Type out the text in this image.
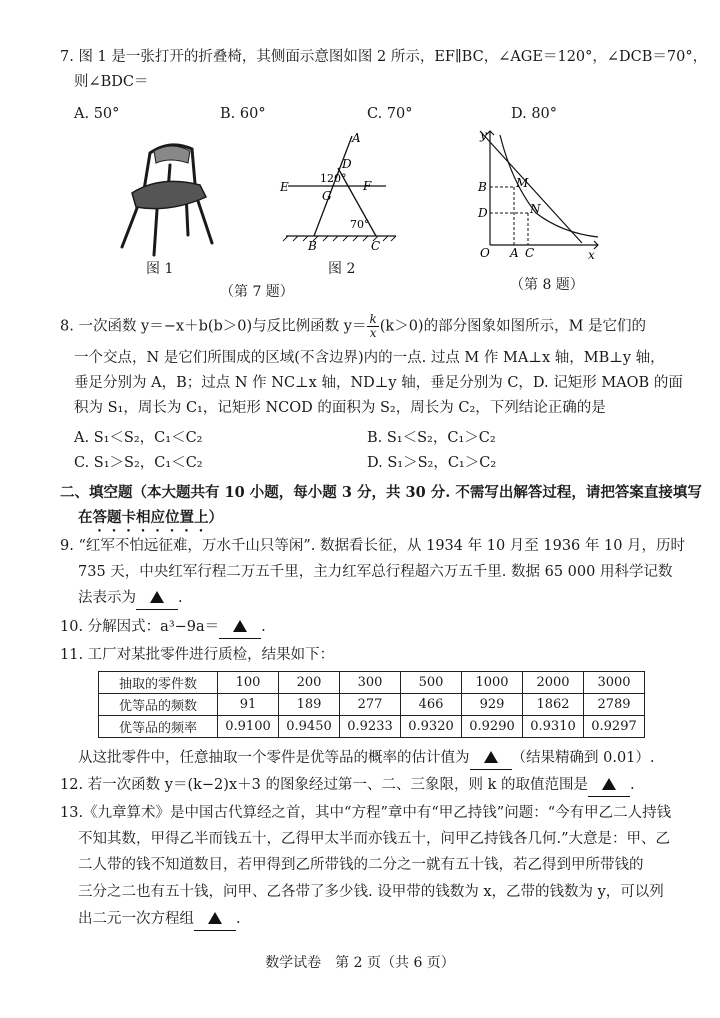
7. 图 1 是一张打开的折叠椅，其侧面示意图如图 2 所示，EF∥BC，∠AGE＝120°，∠DCB＝70°，
则∠BDC＝
A. 50°	B. 60°	C. 70°	D. 80°
图 1
A
D
E	F
G
B	C
120°
70°
图 2
（第 7 题）
y
x
O A C
B
D
M
N
（第 8 题）
8. 一次函数 y＝−x＋b(b＞0)与反比例函数 $y= \frac{k}{x} (k>0)$的部分图象如图所示，M 是它们的
一个交点，N 是它们所围成的区域(不含边界)内的一点. 过点 M 作 MA⊥x 轴，MB⊥y 轴，
垂足分别为 A，B；过点 N 作 NC⊥x 轴，ND⊥y 轴，垂足分别为 C，D. 记矩形 MAOB 的面
积为 S₁，周长为 C₁，记矩形 NCOD 的面积为 S₂，周长为 C₂，下列结论正确的是
A. S₁＜S₂，C₁＜C₂	B. S₁＜S₂，C₁＞C₂
C. S₁＞S₂，C₁＜C₂	D. S₁＞S₂，C₁＞C₂
二、填空题（本大题共有 10 小题，每小题 3 分，共 30 分. 不需写出解答过程，请把答案直接填写
在答题卡相应位置上）
9. “红军不怕远征难，万水千山只等闲”. 数据看长征，从 1934 年 10 月至 1936 年 10 月，历时
735 天，中央红军行程二万五千里，主力红军总行程超六万五千里. 数据 65 000 用科学记数
法表示为	.
10. 分解因式：a³−9a＝	.
11. 工厂对某批零件进行质检，结果如下：
抽取的零件数	100	200	300	500	1000	2000	3000
优等品的频数	91	189	277	466	929	1862	2789
优等品的频率	0.9100	0.9450	0.9233	0.9320	0.9290	0.9310	0.9297
从这批零件中，任意抽取一个零件是优等品的概率的估计值为	（结果精确到 0.01）.
12. 若一次函数 y＝(k−2)x＋3 的图象经过第一、二、三象限，则 k 的取值范围是	.
13.《九章算术》是中国古代算经之首，其中“方程”章中有“甲乙持钱”问题：“今有甲乙二人持钱
不知其数，甲得乙半而钱五十，乙得甲太半而亦钱五十，问甲乙持钱各几何.”大意是：甲、乙
二人带的钱不知道数目，若甲得到乙所带钱的二分之一就有五十钱，若乙得到甲所带钱的
三分之二也有五十钱，问甲、乙各带了多少钱. 设甲带的钱数为 x，乙带的钱数为 y，可以列
出二元一次方程组	.
数学试卷　第 2 页（共 6 页）
